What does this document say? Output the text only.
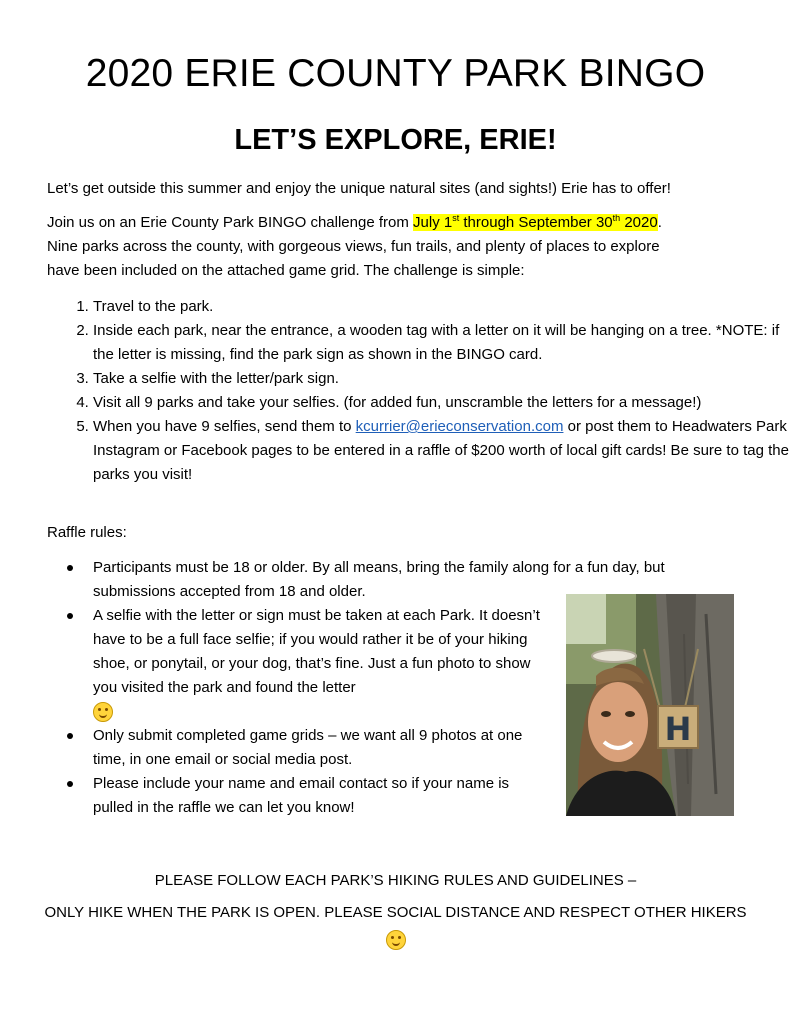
2020 ERIE COUNTY PARK BINGO
LET’S EXPLORE, ERIE!
Let’s get outside this summer and enjoy the unique natural sites (and sights!) Erie has to offer!
Join us on an Erie County Park BINGO challenge from July 1st through September 30th 2020.
Nine parks across the county, with gorgeous views, fun trails, and plenty of places to explore
have been included on the attached game grid. The challenge is simple:
1. Travel to the park.
2. Inside each park, near the entrance, a wooden tag with a letter on it will be hanging on a tree. *NOTE: if the letter is missing, find the park sign as shown in the BINGO card.
3. Take a selfie with the letter/park sign.
4. Visit all 9 parks and take your selfies. (for added fun, unscramble the letters for a message!)
5. When you have 9 selfies, send them to kcurrier@erieconservation.com or post them to Headwaters Park Instagram or Facebook pages to be entered in a raffle of $200 worth of local gift cards! Be sure to tag the parks you visit!
Raffle rules:
Participants must be 18 or older. By all means, bring the family along for a fun day, but submissions accepted from 18 and older.
A selfie with the letter or sign must be taken at each Park. It doesn’t have to be a full face selfie; if you would rather it be of your hiking shoe, or ponytail, or your dog, that’s fine. Just a fun photo to show you visited the park and found the letter

Only submit completed game grids – we want all 9 photos at one time, in one email or social media post.
Please include your name and email contact so if your name is pulled in the raffle we can let you know!
H
PLEASE FOLLOW EACH PARK’S HIKING RULES AND GUIDELINES –
ONLY HIKE WHEN THE PARK IS OPEN. PLEASE SOCIAL DISTANCE AND RESPECT OTHER HIKERS
